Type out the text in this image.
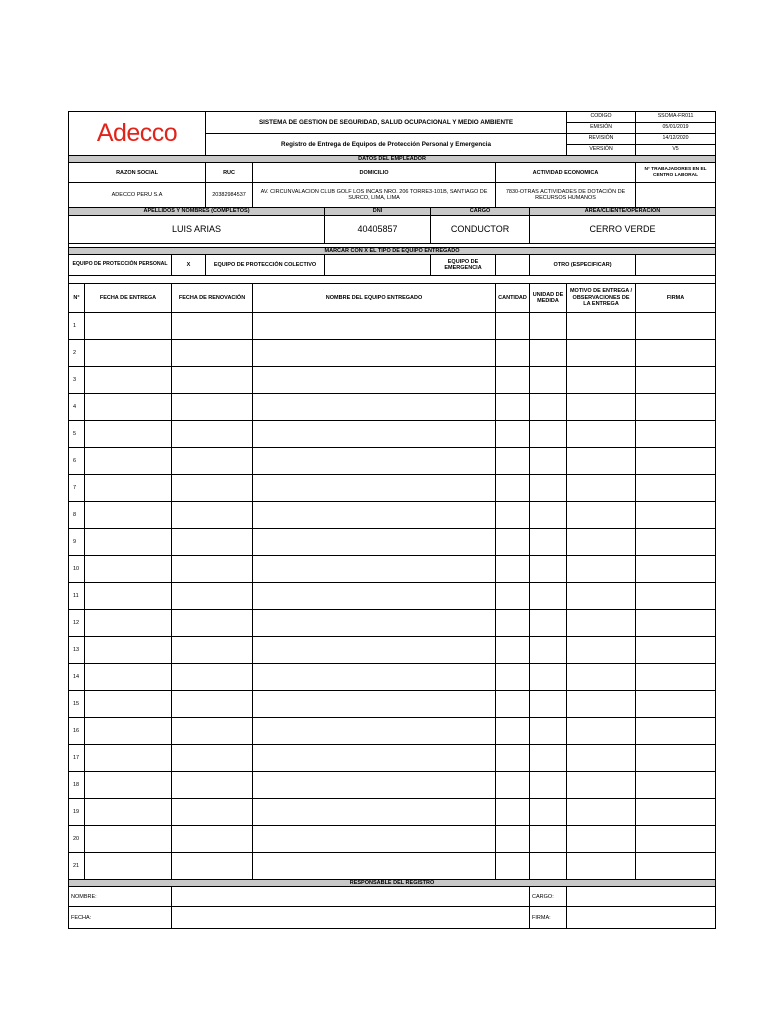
Adecco			SISTEMA DE GESTION DE SEGURIDAD, SALUD OCUPACIONAL Y MEDIO AMBIENTE						CODIGO	SSOMA-FR011
									EMISIÓN	05/01/2019
			Registro de Entrega de Equipos de Protección Personal y Emergencia						REVISIÓN	14/12/2020
									VERSIÓN	V5
DATOS DEL EMPLEADOR										
RAZON SOCIAL			RUC	DOMICILIO			ACTIVIDAD ECONOMICA			N° TRABAJADORES EN EL CENTRO LABORAL
ADECCO PERU S.A			20382984537	AV. CIRCUNVALACION CLUB GOLF LOS INCAS NRO. 206 TORRE3-101B, SANTIAGO DE SURCO, LIMA, LIMA			7830-OTRAS ACTIVIDADES DE DOTACIÓN DE RECURSOS HUMANOS			
APELLIDOS Y NOMBRES (COMPLETOS)					DNI	CARGO		AREA/CLIENTE/OPERACION		
LUIS ARIAS					40405857	CONDUCTOR		CERRO VERDE		

MARCAR CON X EL TIPO DE EQUIPO ENTREGADO										
EQUIPO DE PROTECCIÓN PERSONAL		X	EQUIPO DE PROTECCIÓN COLECTIVO			EQUIPO DE EMERGENCIA		OTRO (ESPECIFICAR)		

N°	FECHA DE ENTREGA	FECHA DE RENOVACIÓN		NOMBRE DEL EQUIPO ENTREGADO			CANTIDAD	UNIDAD DE MEDIDA	MOTIVO DE ENTREGA / OBSERVACIONES DE LA ENTREGA	FIRMA
1										
2										
3										
4										
5										
6										
7										
8										
9										
10										
11										
12										
13										
14										
15										
16										
17										
18										
19										
20										
21										
RESPONSABLE DEL REGISTRO										
NOMBRE:								CARGO:		
FECHA:								FIRMA:		
